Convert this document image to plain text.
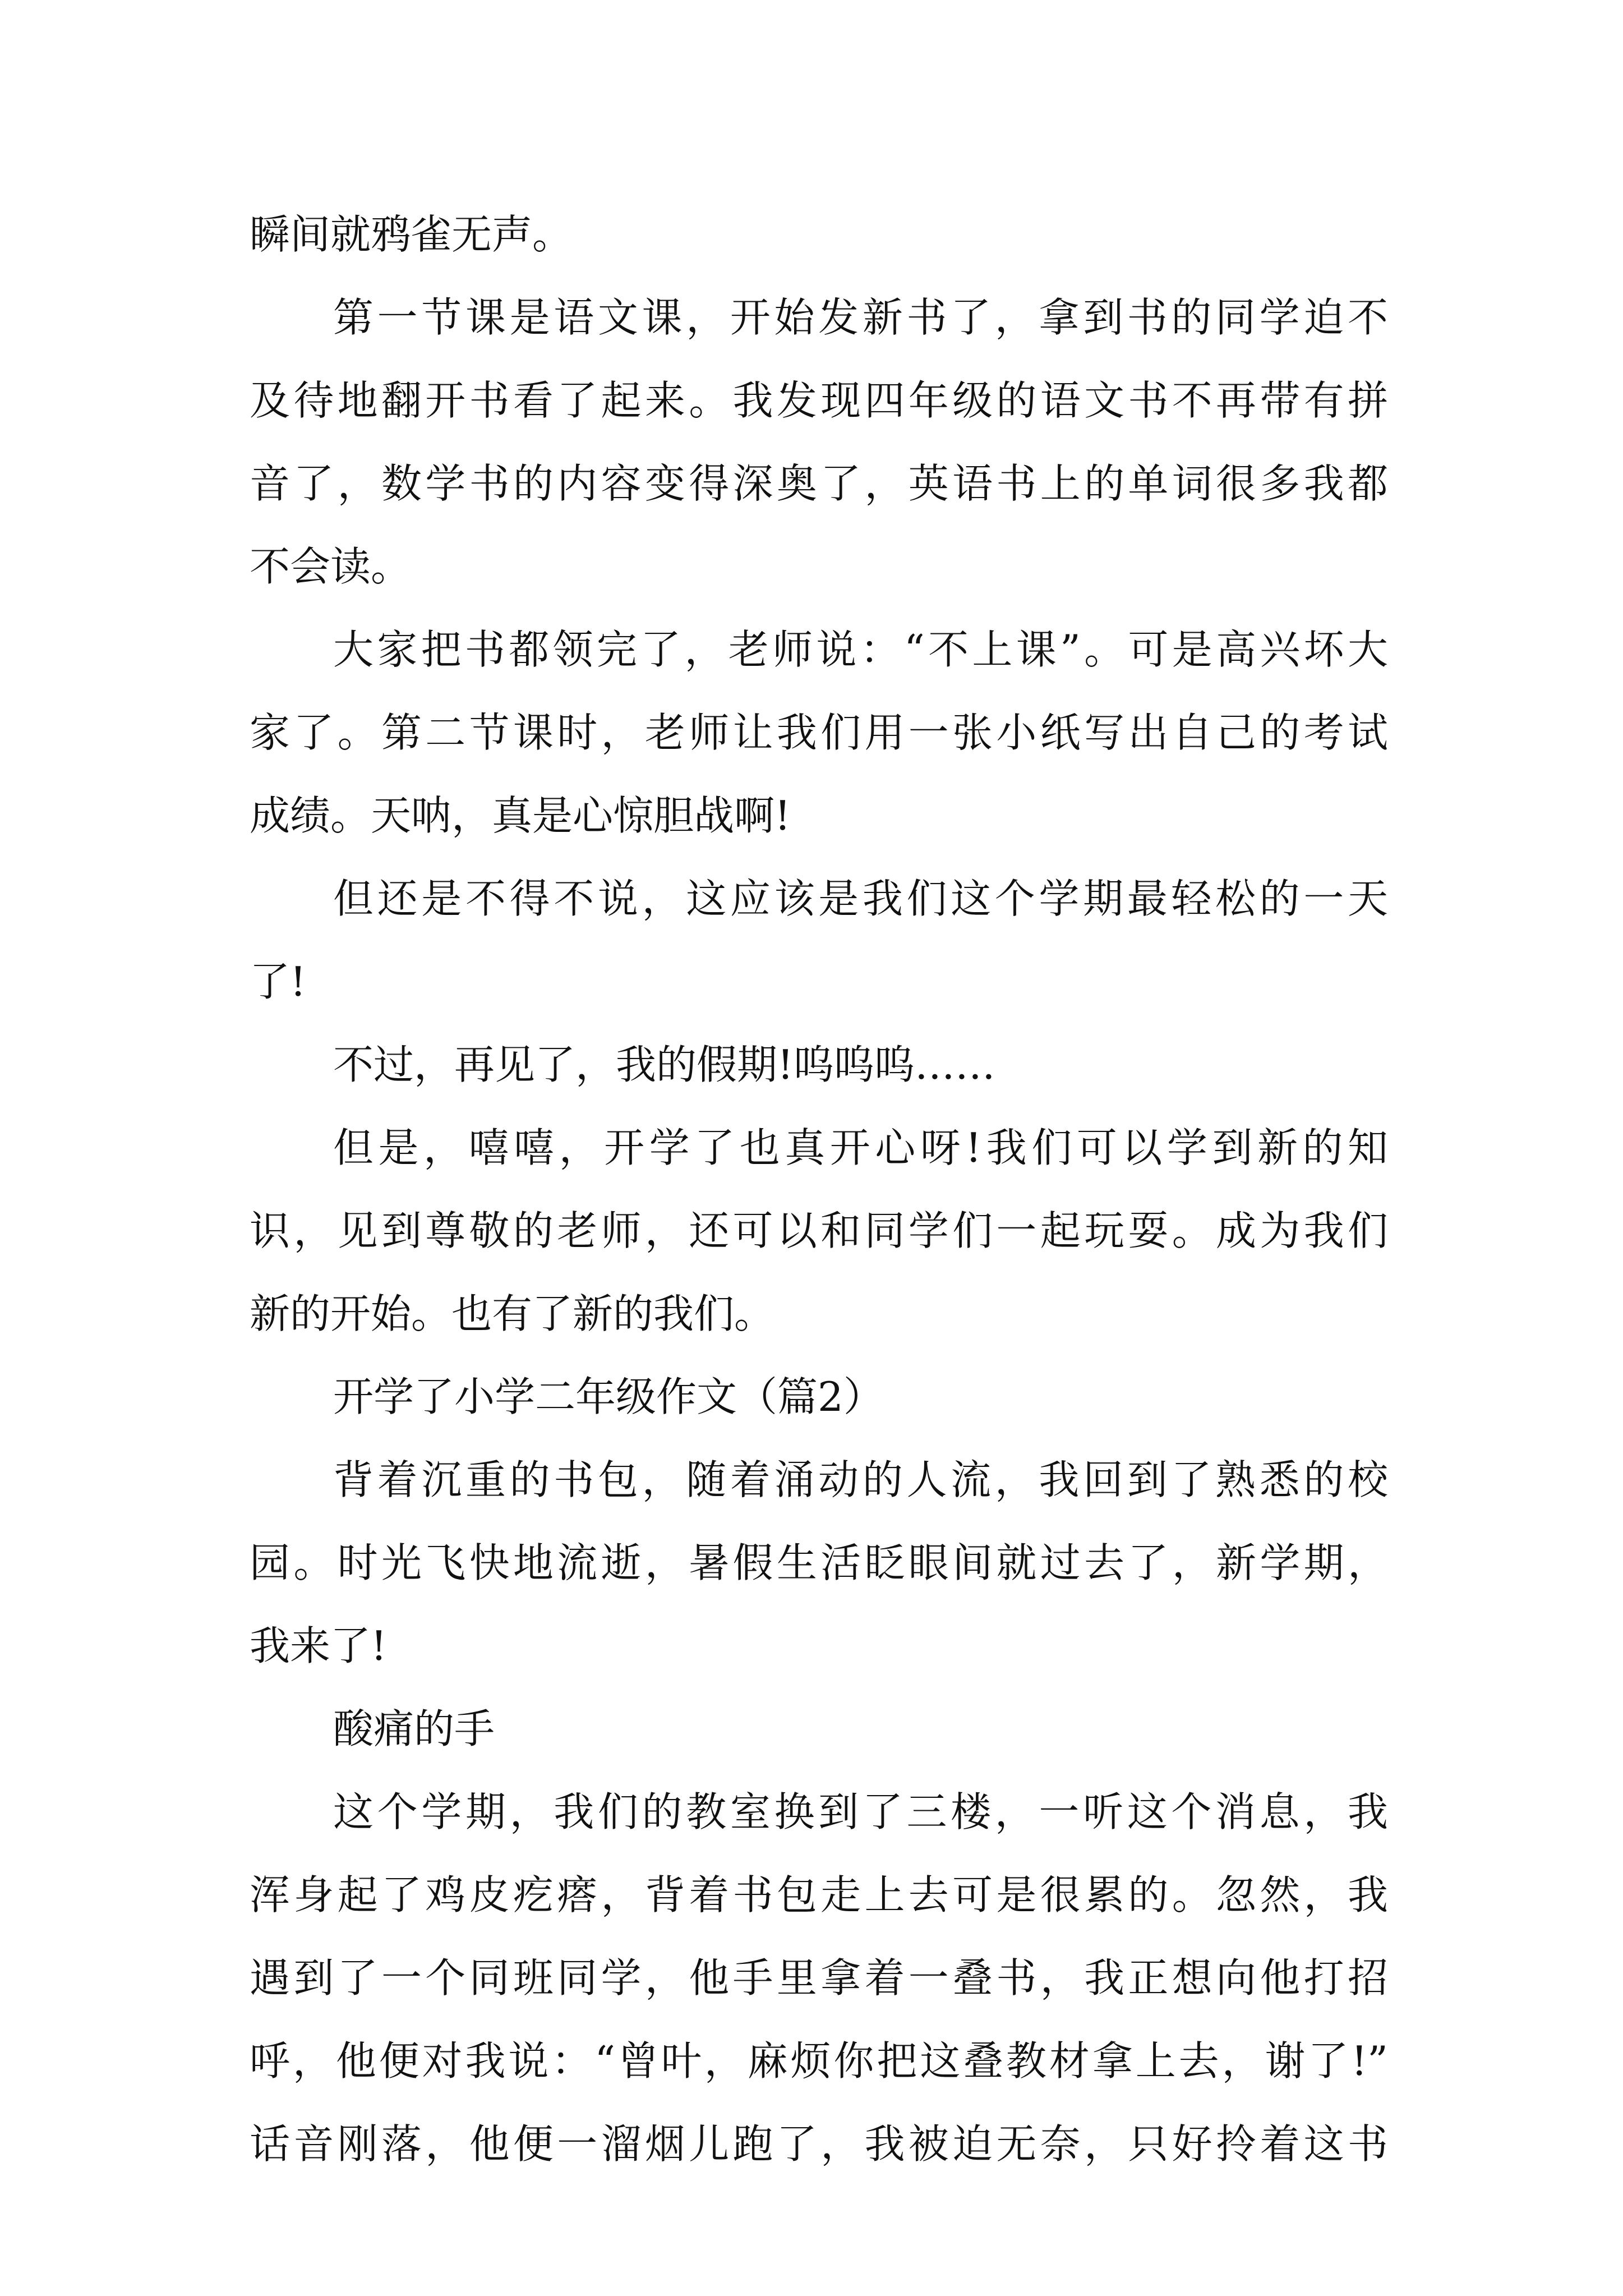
瞬间就鸦雀无声。
第一节课是语文课，开始发新书了，拿到书的同学迫不
及待地翻开书看了起来。我发现四年级的语文书不再带有拼
音了，数学书的内容变得深奥了，英语书上的单词很多我都
不会读。
大家把书都领完了，老师说：“不上课”。可是高兴坏大
家了。第二节课时，老师让我们用一张小纸写出自己的考试
成绩。天呐，真是心惊胆战啊!
但还是不得不说，这应该是我们这个学期最轻松的一天
了!
不过，再见了，我的假期!呜呜呜……
但是，嘻嘻，开学了也真开心呀!我们可以学到新的知
识，见到尊敬的老师，还可以和同学们一起玩耍。成为我们
新的开始。也有了新的我们。
开学了小学二年级作文（篇2）
背着沉重的书包，随着涌动的人流，我回到了熟悉的校
园。时光飞快地流逝，暑假生活眨眼间就过去了，新学期，
我来了!
酸痛的手
这个学期，我们的教室换到了三楼，一听这个消息，我
浑身起了鸡皮疙瘩，背着书包走上去可是很累的。忽然，我
遇到了一个同班同学，他手里拿着一叠书，我正想向他打招
呼，他便对我说：“曾叶，麻烦你把这叠教材拿上去，谢了!”
话音刚落，他便一溜烟儿跑了，我被迫无奈，只好拎着这书
